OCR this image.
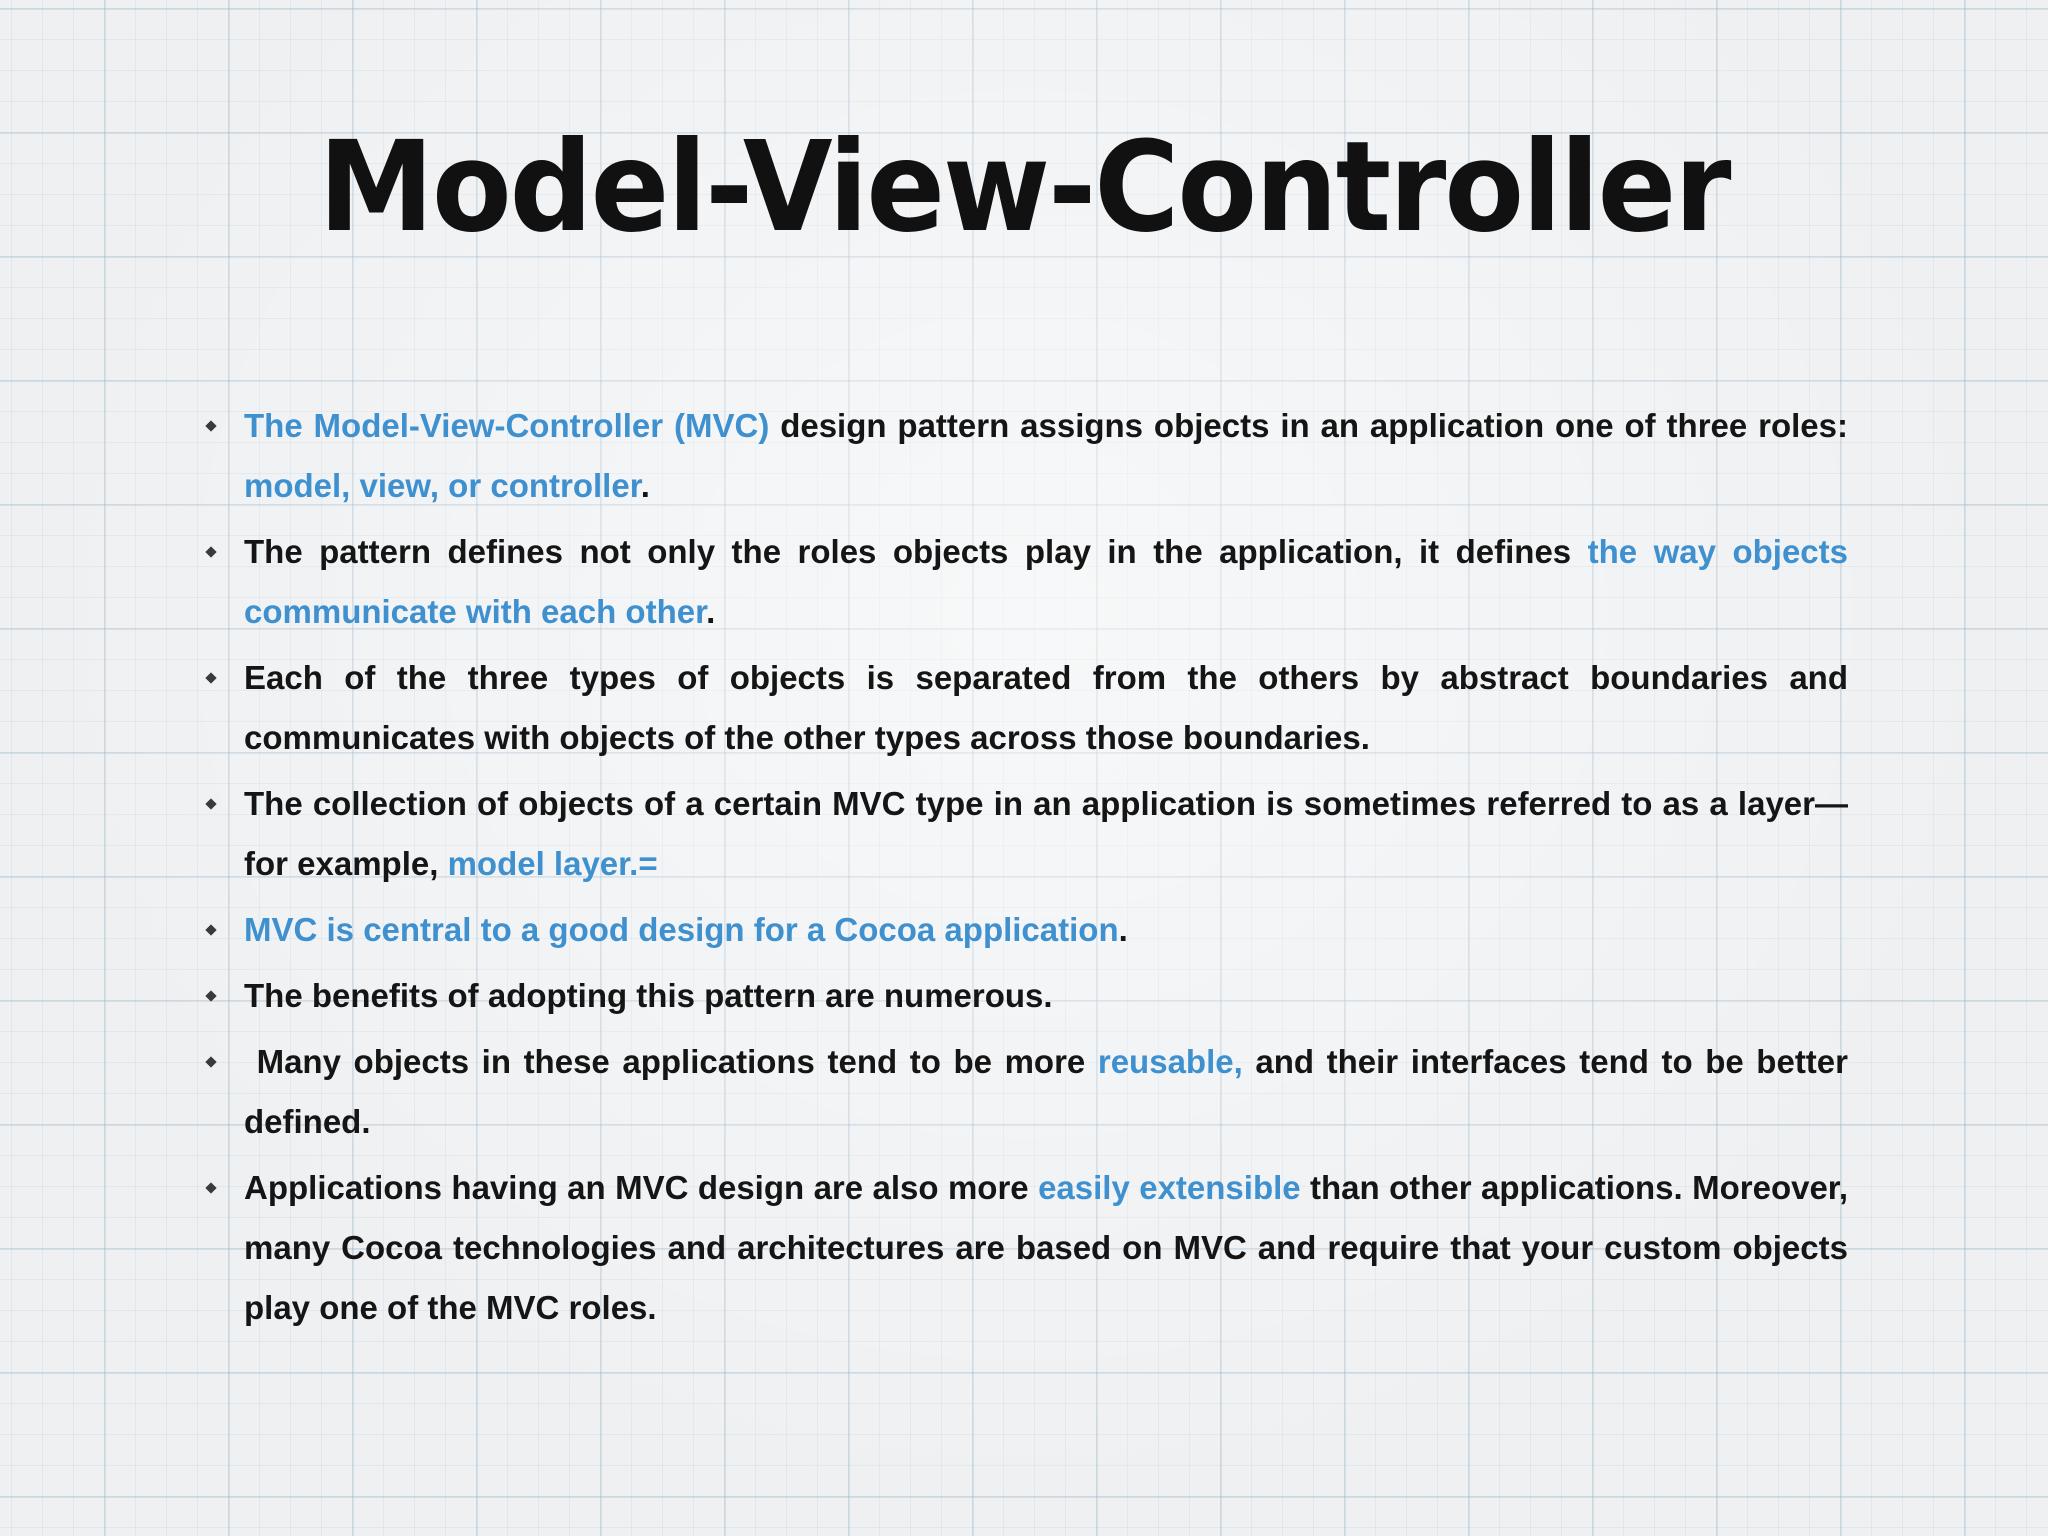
Model-View-Controller
The Model-View-Controller (MVC) design pattern assigns objects in an application one of three roles: model, view, or controller.
The pattern defines not only the roles objects play in the application, it defines the way objects communicate with each other.
Each of the three types of objects is separated from the others by abstract boundaries and communicates with objects of the other types across those boundaries.
The collection of objects of a certain MVC type in an application is sometimes referred to as a layer—for example, model layer.=
MVC is central to a good design for a Cocoa application.
The benefits of adopting this pattern are numerous.
Many objects in these applications tend to be more reusable, and their interfaces tend to be better defined.
Applications having an MVC design are also more easily extensible than other applications. Moreover, many Cocoa technologies and architectures are based on MVC and require that your custom objects play one of the MVC roles.
